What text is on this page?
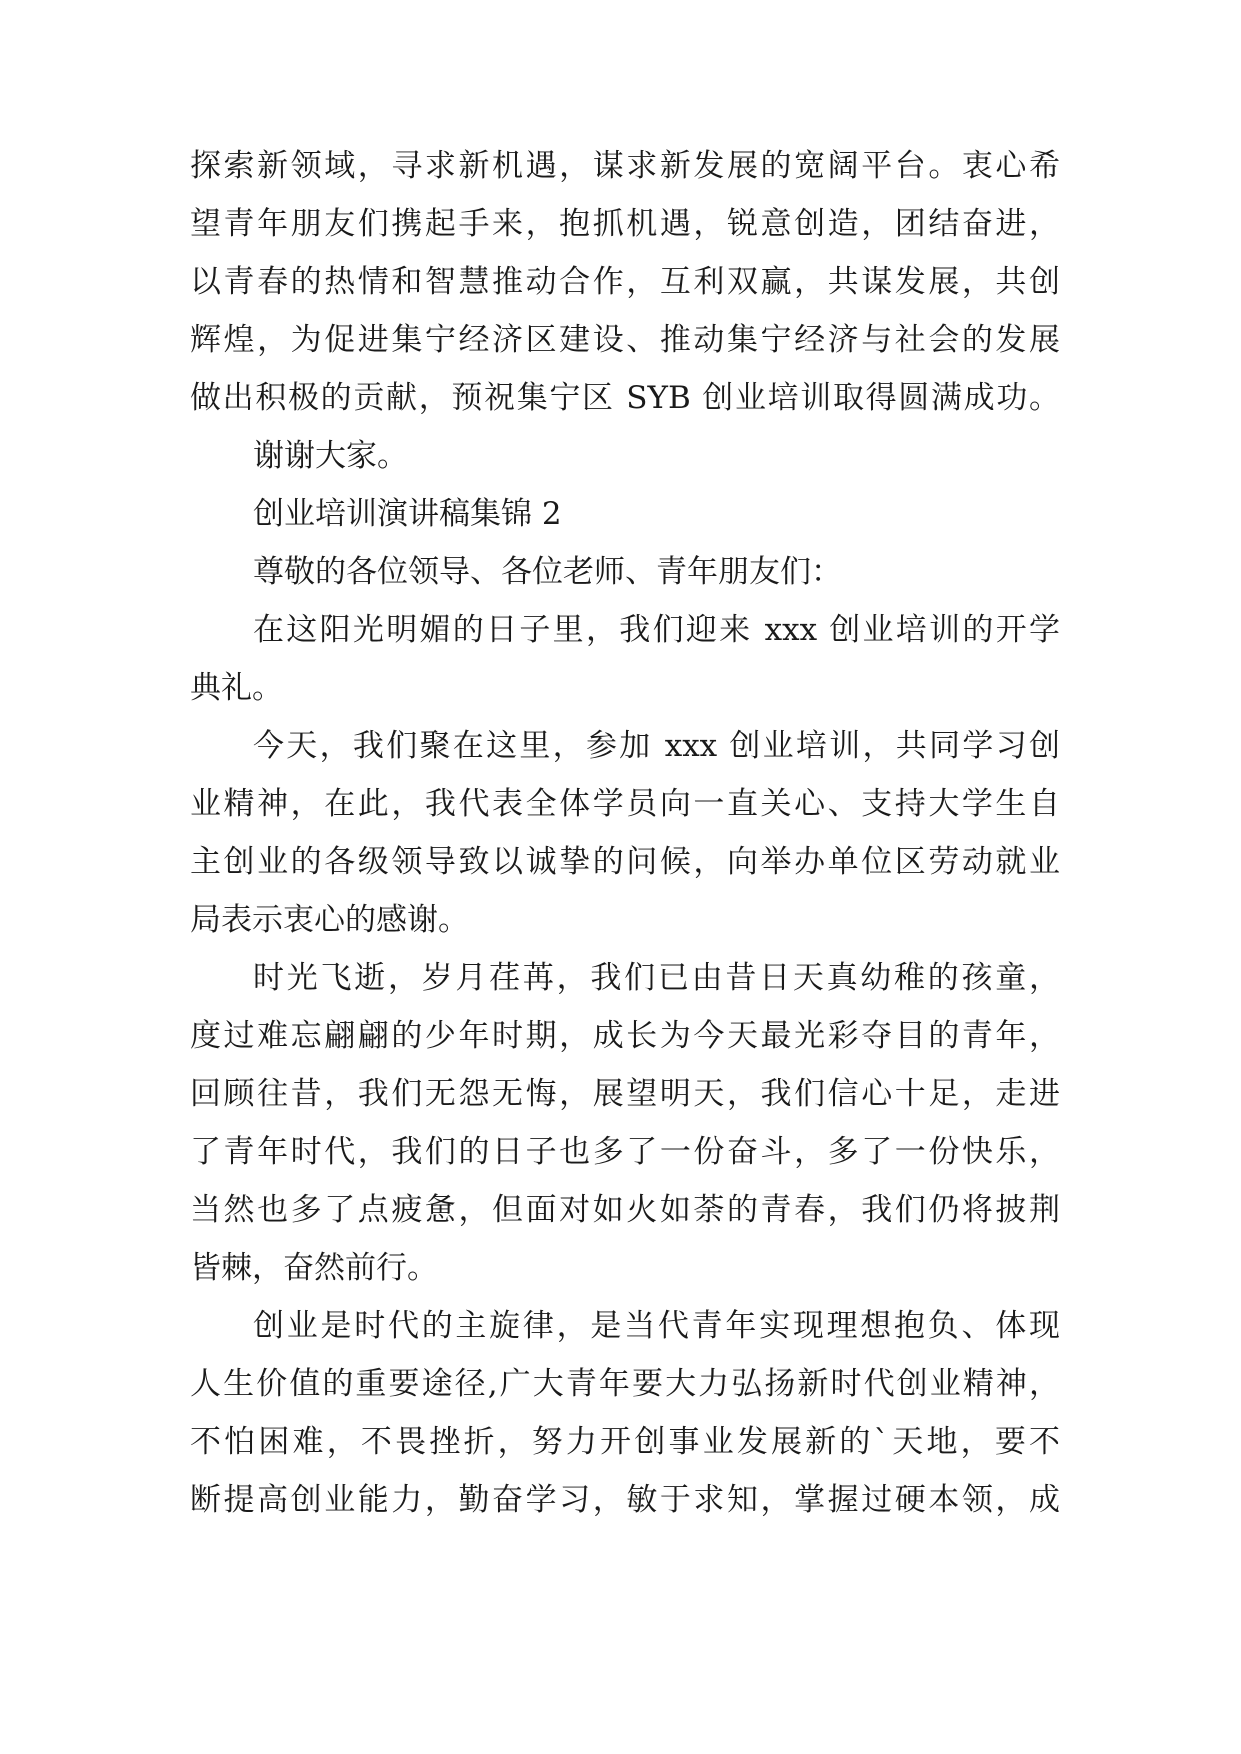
探索新领域，寻求新机遇，谋求新发展的宽阔平台。衷心希
望青年朋友们携起手来，抱抓机遇，锐意创造，团结奋进，
以青春的热情和智慧推动合作，互利双赢，共谋发展，共创
辉煌，为促进集宁经济区建设、推动集宁经济与社会的发展
做出积极的贡献，预祝集宁区 SYB 创业培训取得圆满成功。
谢谢大家。
创业培训演讲稿集锦 2
尊敬的各位领导、各位老师、青年朋友们：
在这阳光明媚的日子里，我们迎来 xxx 创业培训的开学
典礼。
今天，我们聚在这里，参加 xxx 创业培训，共同学习创
业精神，在此，我代表全体学员向一直关心、支持大学生自
主创业的各级领导致以诚挚的问候，向举办单位区劳动就业
局表示衷心的感谢。
时光飞逝，岁月荏苒，我们已由昔日天真幼稚的孩童，
度过难忘翩翩的少年时期，成长为今天最光彩夺目的青年，
回顾往昔，我们无怨无悔，展望明天，我们信心十足，走进
了青年时代，我们的日子也多了一份奋斗，多了一份快乐，
当然也多了点疲惫，但面对如火如荼的青春，我们仍将披荆
皆棘，奋然前行。
创业是时代的主旋律，是当代青年实现理想抱负、体现
人生价值的重要途径,广大青年要大力弘扬新时代创业精神，
不怕困难，不畏挫折，努力开创事业发展新的`天地，要不
断提高创业能力，勤奋学习，敏于求知，掌握过硬本领，成
